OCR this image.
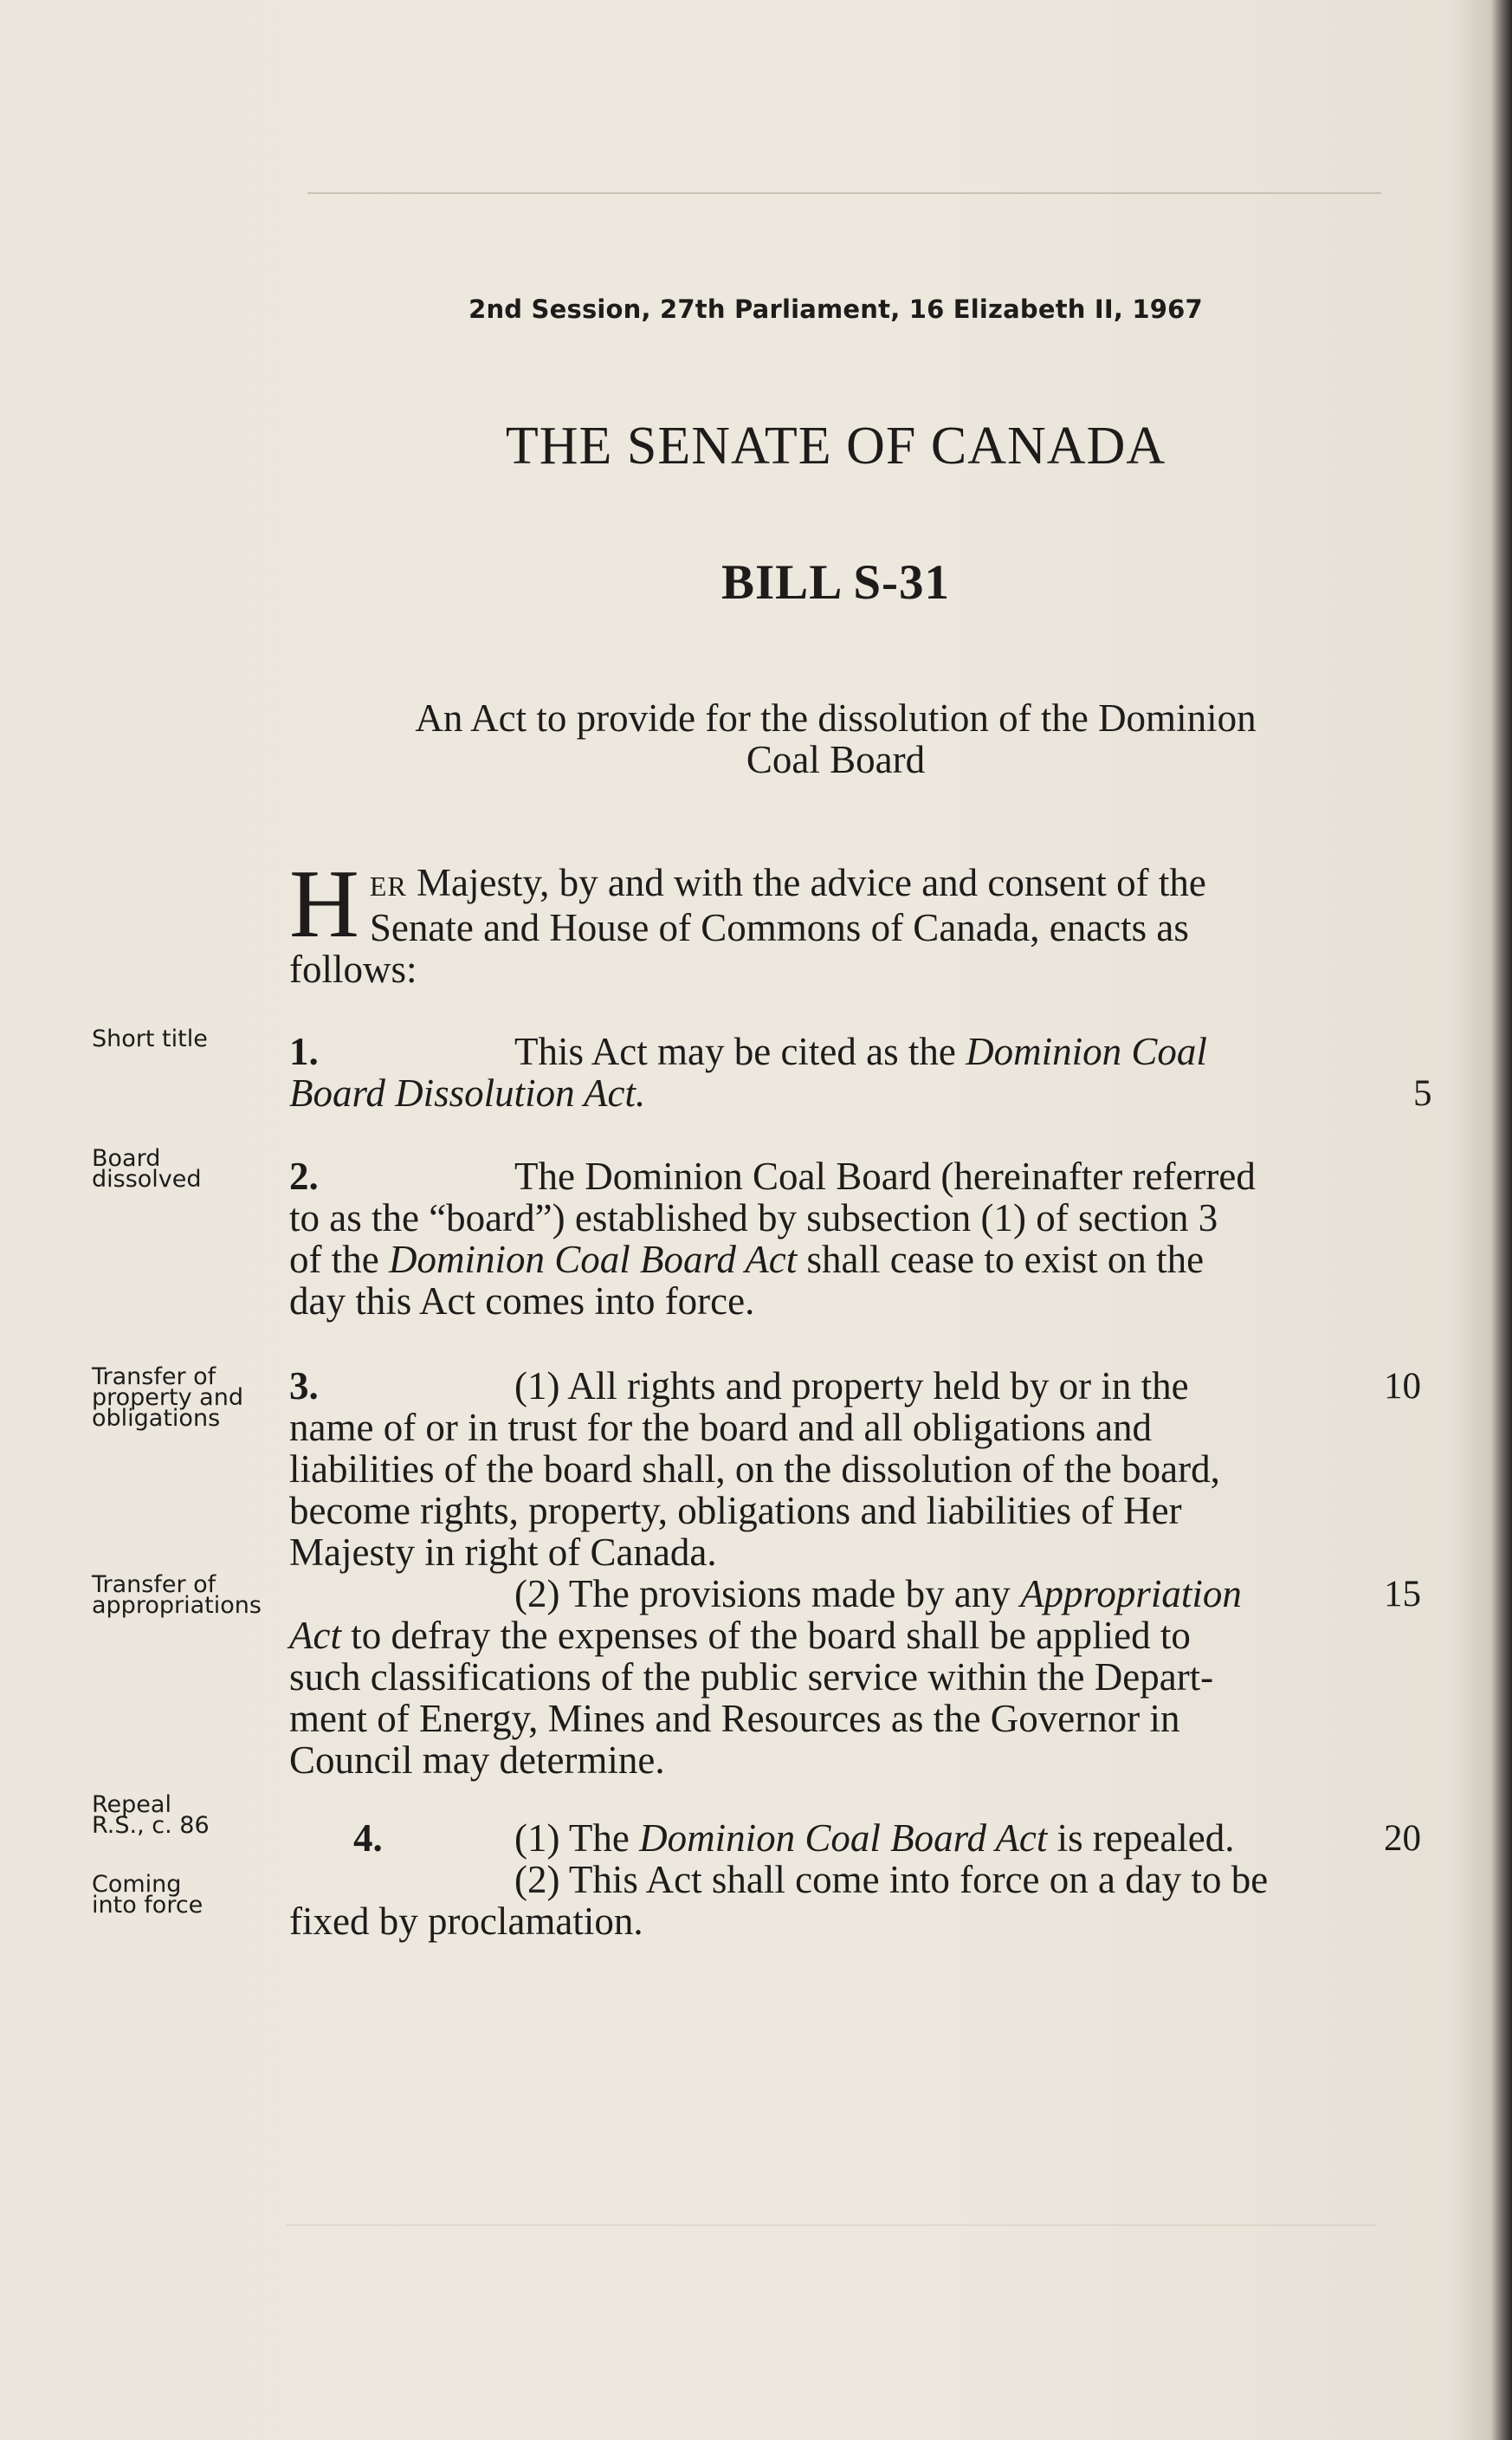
2nd Session, 27th Parliament, 16 Elizabeth II, 1967
THE SENATE OF CANADA
BILL S-31
An Act to provide for the dissolution of the Dominion
Coal Board
H ER Majesty, by and with the advice and consent of the
Senate and House of Commons of Canada, enacts as
follows:
Short title
Board
dissolved
Transfer of
property and
obligations
Transfer of
appropriations
Repeal
R.S., c. 86
Coming
into force
1.	This Act may be cited as the Dominion Coal
Board Dissolution Act.	5
2.	The Dominion Coal Board (hereinafter referred
to as the “board”) established by subsection (1) of section 3
of the Dominion Coal Board Act shall cease to exist on the
day this Act comes into force.
3.	(1) All rights and property held by or in the
name of or in trust for the board and all obligations and
liabilities of the board shall, on the dissolution of the board,
become rights, property, obligations and liabilities of Her
Majesty in right of Canada.
(2) The provisions made by any Appropriation
Act to defray the expenses of the board shall be applied to
such classifications of the public service within the Depart-
ment of Energy, Mines and Resources as the Governor in
Council may determine.
10
15
4.	(1) The Dominion Coal Board Act is repealed.
(2) This Act shall come into force on a day to be
fixed by proclamation.
20
